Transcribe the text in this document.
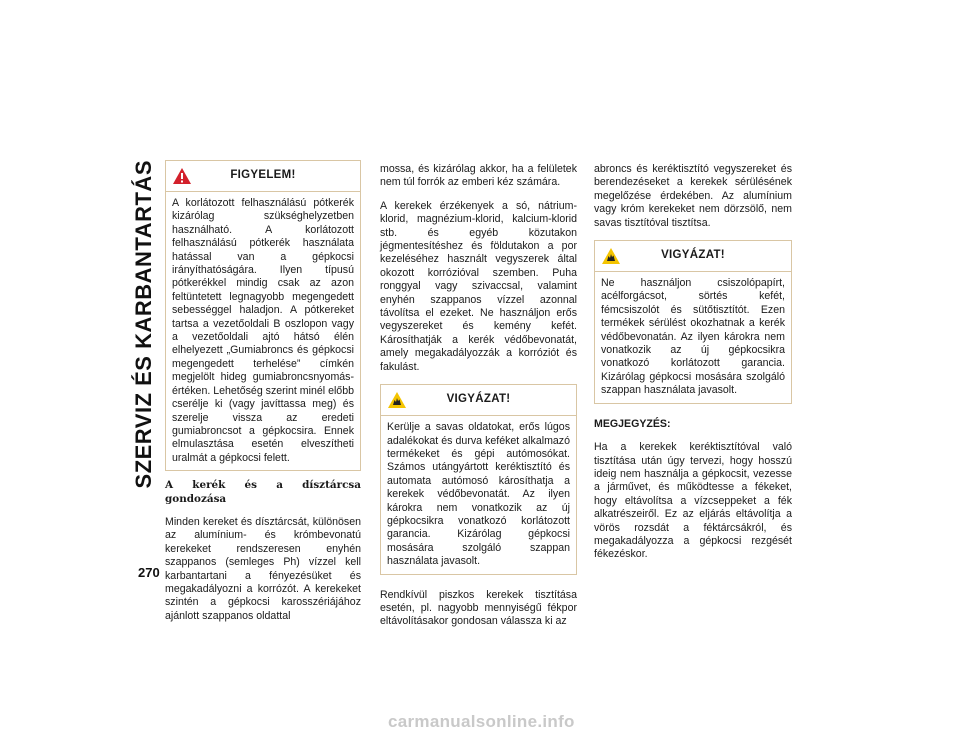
SZERVIZ ÉS KARBANTARTÁS
270
FIGYELEM!
A korlátozott felhasználású pótkerék kizárólag szükséghelyzetben használható. A korlátozott felhasználású pótkerék használata hatással van a gépkocsi irányíthatóságára. Ilyen típusú pótkerékkel mindig csak az azon feltüntetett legnagyobb megengedett sebességgel haladjon. A pótkereket tartsa a vezetőoldali B oszlopon vagy a vezetőoldali ajtó hátsó élén elhelyezett „Gumiabroncs és gépkocsi megengedett terhelése” címkén megjelölt hideg gumiabroncsnyomás-értéken. Lehetőség szerint minél előbb cserélje ki (vagy javíttassa meg) és szerelje vissza az eredeti gumiabroncsot a gépkocsira. Ennek elmulasztása esetén elveszítheti uralmát a gépkocsi felett.

A kerék és a dísztárcsa gondozása

Minden kereket és dísztárcsát, különösen az alumínium- és krómbevonatú kerekeket rendszeresen enyhén szappanos (semleges Ph) vízzel kell karbantartani a fényezésüket és megakadályozni a korrózót. A kerekeket szintén a gépkocsi karosszériájához ajánlott szappanos oldattal

mossa, és kizárólag akkor, ha a felületek nem túl forrók az emberi kéz számára.

A kerekek érzékenyek a só, nátrium-klorid, magnézium-klorid, kalcium-klorid stb. és egyéb közutakon jégmentesítéshez és földutakon a por kezeléséhez használt vegyszerek által okozott korrózióval szemben. Puha ronggyal vagy szivaccsal, valamint enyhén szappanos vízzel azonnal távolítsa el ezeket. Ne használjon erős vegyszereket és kemény kefét. Károsíthatják a kerék védőbevonatát, amely megakadályozzák a korróziót és fakulást.

VIGYÁZAT!
Kerülje a savas oldatokat, erős lúgos adalékokat és durva keféket alkalmazó termékeket és gépi autómosókat. Számos utángyártott keréktisztító és automata autómosó károsíthatja a kerekek védőbevonatát. Az ilyen károkra nem vonatkozik az új gépkocsikra vonatkozó korlátozott garancia. Kizárólag gépkocsi mosására szolgáló szappan használata javasolt.

Rendkívül piszkos kerekek tisztítása esetén, pl. nagyobb mennyiségű fékpor eltávolításakor gondosan válassza ki az

abroncs és keréktisztító vegyszereket és berendezéseket a kerekek sérülésének megelőzése érdekében. Az alumínium vagy króm kerekeket nem dörzsölő, nem savas tisztítóval tisztítsa.

VIGYÁZAT!
Ne használjon csiszolópapírt, acélforgácsot, sörtés kefét, fémcsiszolót és sütőtisztítót. Ezen termékek sérülést okozhatnak a kerék védőbevonatán. Az ilyen károkra nem vonatkozik az új gépkocsikra vonatkozó korlátozott garancia. Kizárólag gépkocsi mosására szolgáló szappan használata javasolt.

MEGJEGYZÉS:

Ha a kerekek keréktisztítóval való tisztítása után úgy tervezi, hogy hosszú ideig nem használja a gépkocsit, vezesse a járművet, és működtesse a fékeket, hogy eltávolítsa a vízcseppeket a fék alkatrészeiről. Ez az eljárás eltávolítja a vörös rozsdát a féktárcsákról, és megakadályozza a gépkocsi rezgését fékezéskor.

carmanualsonline.info
